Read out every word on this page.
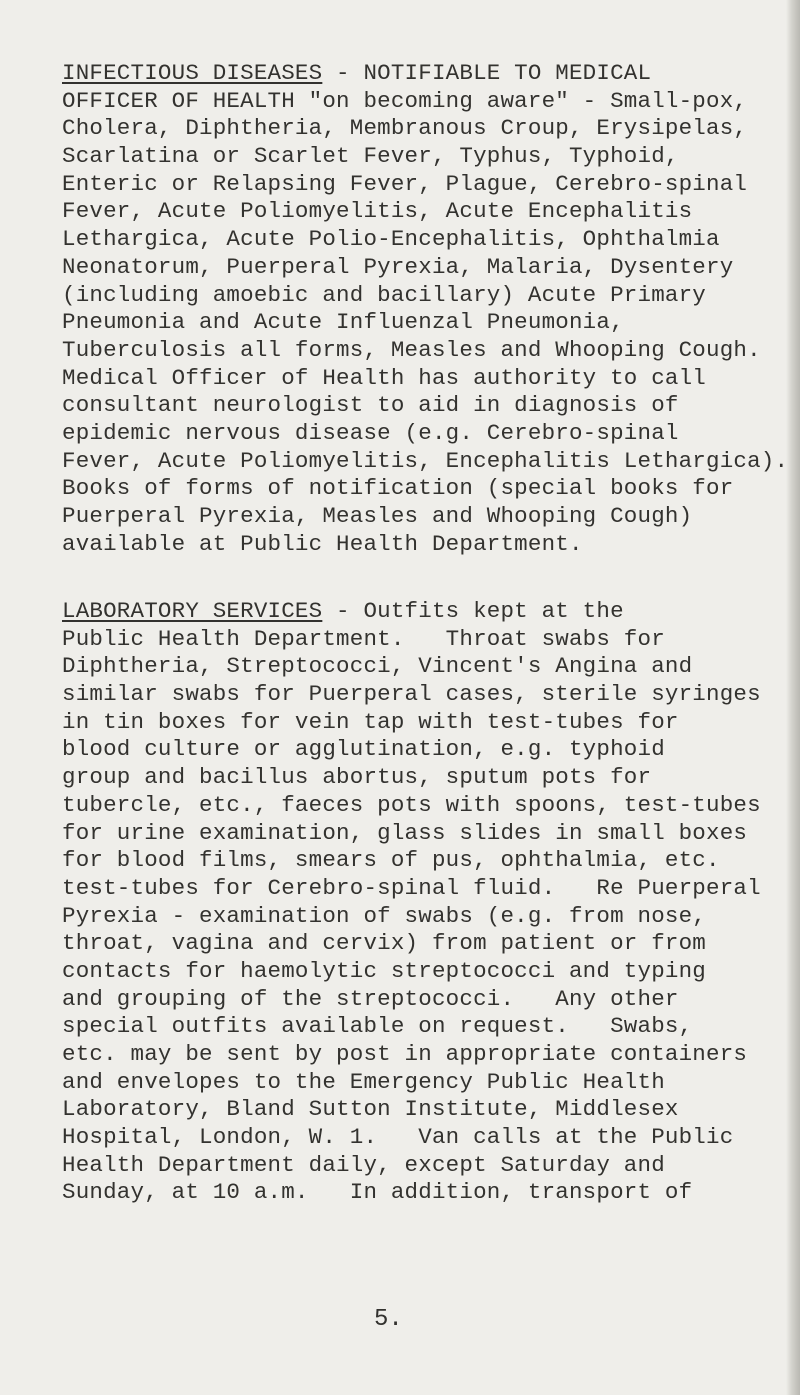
INFECTIOUS DISEASES - NOTIFIABLE TO MEDICAL
OFFICER OF HEALTH "on becoming aware" - Small-pox,
Cholera, Diphtheria, Membranous Croup, Erysipelas,
Scarlatina or Scarlet Fever, Typhus, Typhoid,
Enteric or Relapsing Fever, Plague, Cerebro-spinal
Fever, Acute Poliomyelitis, Acute Encephalitis
Lethargica, Acute Polio-Encephalitis, Ophthalmia
Neonatorum, Puerperal Pyrexia, Malaria, Dysentery
(including amoebic and bacillary) Acute Primary
Pneumonia and Acute Influenzal Pneumonia,
Tuberculosis all forms, Measles and Whooping Cough.
Medical Officer of Health has authority to call
consultant neurologist to aid in diagnosis of
epidemic nervous disease (e.g. Cerebro-spinal
Fever, Acute Poliomyelitis, Encephalitis Lethargica).
Books of forms of notification (special books for
Puerperal Pyrexia, Measles and Whooping Cough)
available at Public Health Department.
LABORATORY SERVICES - Outfits kept at the
Public Health Department.   Throat swabs for
Diphtheria, Streptococci, Vincent's Angina and
similar swabs for Puerperal cases, sterile syringes
in tin boxes for vein tap with test-tubes for
blood culture or agglutination, e.g. typhoid
group and bacillus abortus, sputum pots for
tubercle, etc., faeces pots with spoons, test-tubes
for urine examination, glass slides in small boxes
for blood films, smears of pus, ophthalmia, etc.
test-tubes for Cerebro-spinal fluid.   Re Puerperal
Pyrexia - examination of swabs (e.g. from nose,
throat, vagina and cervix) from patient or from
contacts for haemolytic streptococci and typing
and grouping of the streptococci.   Any other
special outfits available on request.   Swabs,
etc. may be sent by post in appropriate containers
and envelopes to the Emergency Public Health
Laboratory, Bland Sutton Institute, Middlesex
Hospital, London, W. 1.   Van calls at the Public
Health Department daily, except Saturday and
Sunday, at 10 a.m.   In addition, transport of
5.
